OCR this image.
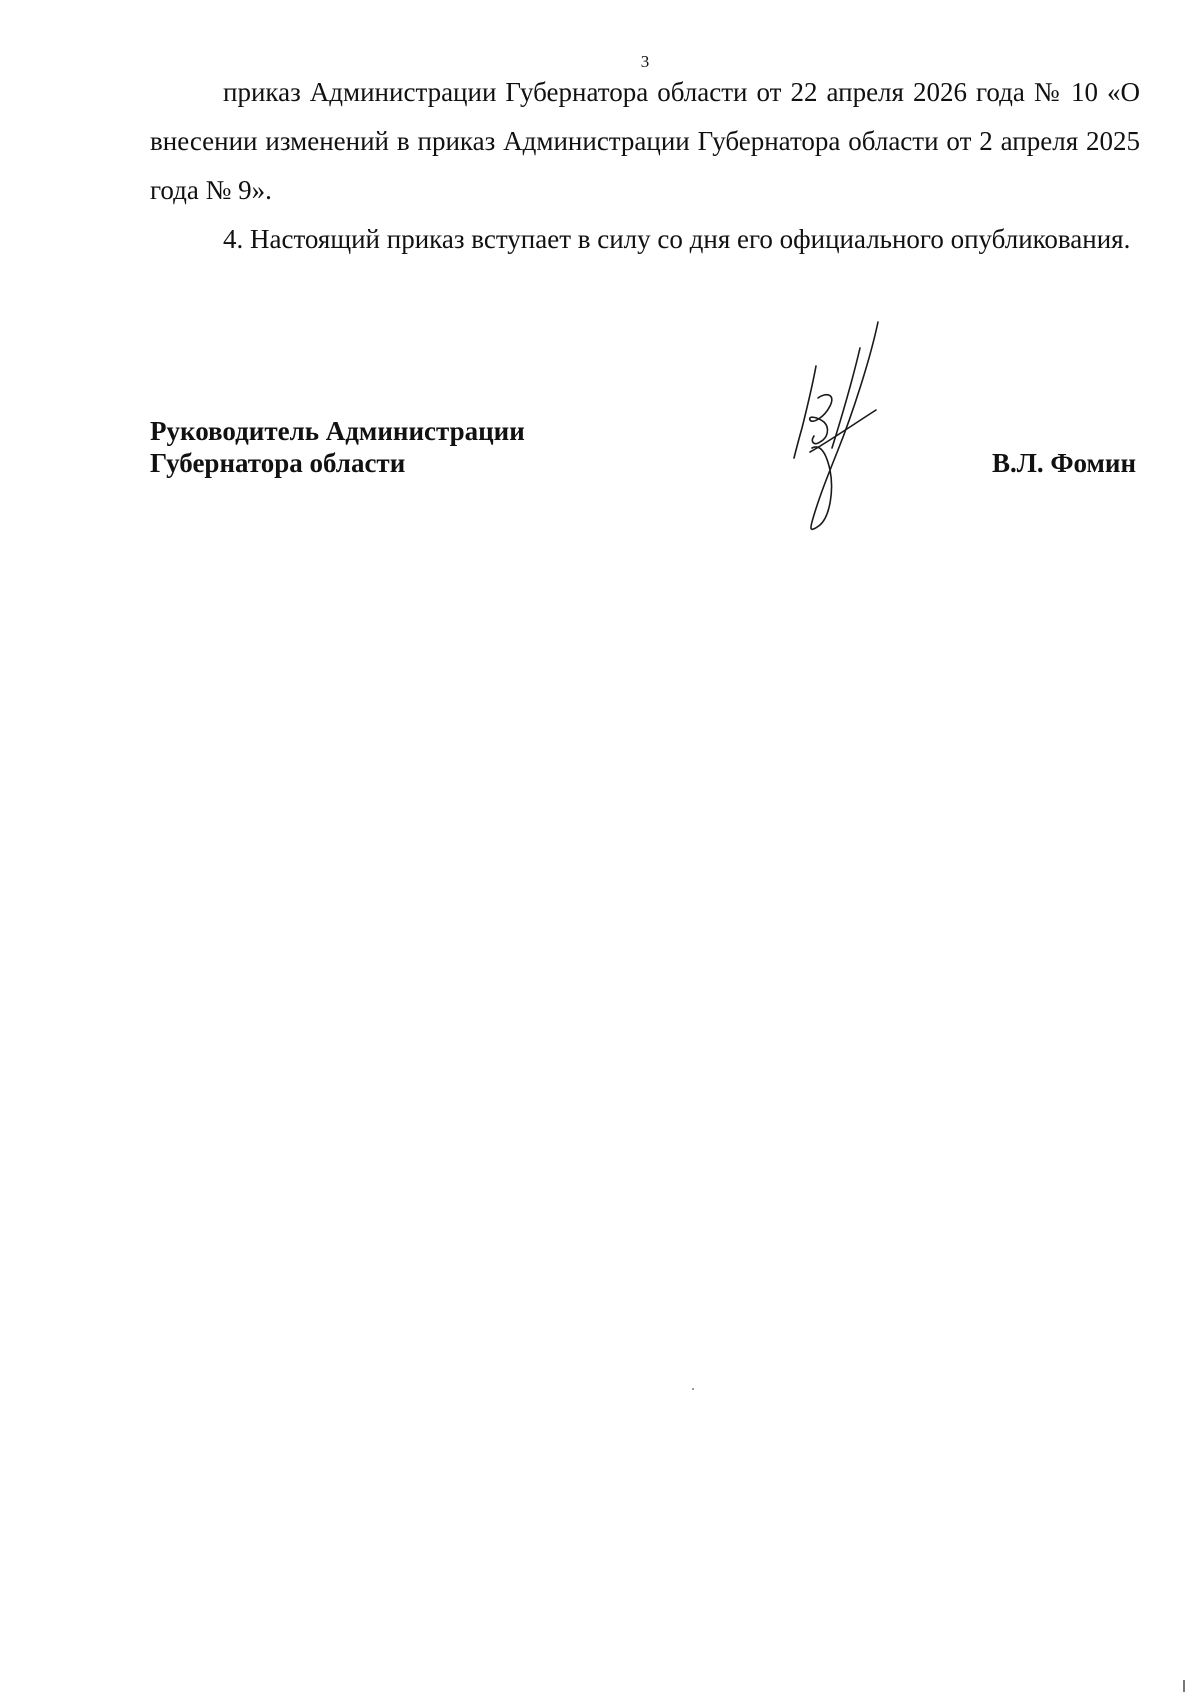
3

приказ Администрации Губернатора области от 22 апреля 2026 года № 10 «О внесении изменений в приказ Администрации Губернатора области от 2 апреля 2025 года № 9».

4. Настоящий приказ вступает в силу со дня его официального опубликования.

Руководитель Администрации
Губернатора области	В.Л. Фомин
